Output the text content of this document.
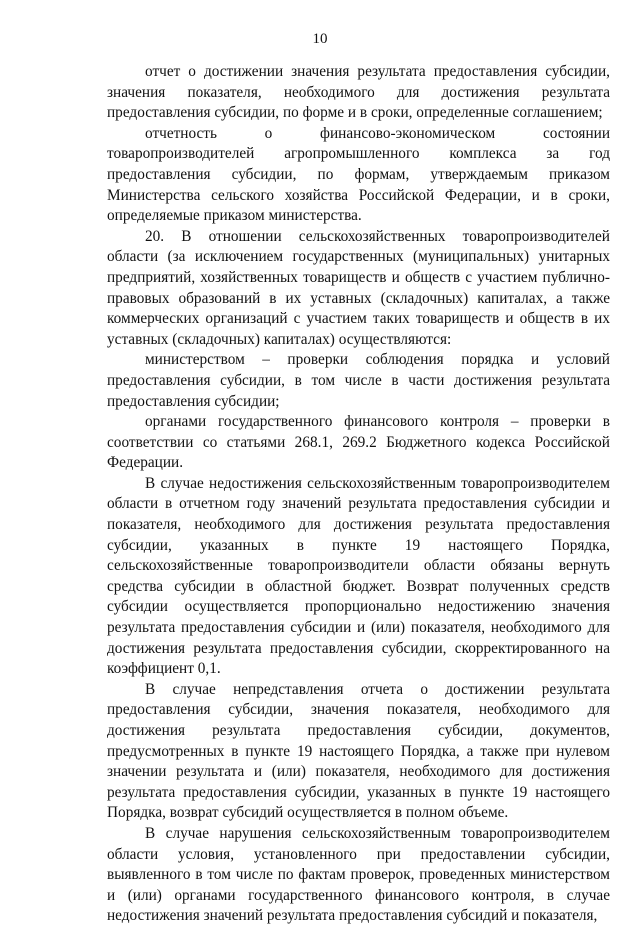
10

отчет о достижении значения результата предоставления субсидии, значения показателя, необходимого для достижения результата предоставления субсидии, по форме и в сроки, определенные соглашением;

отчетность о финансово-экономическом состоянии товаропроизводителей агропромышленного комплекса за год предоставления субсидии, по формам, утверждаемым приказом Министерства сельского хозяйства Российской Федерации, и в сроки, определяемые приказом министерства.

20. В отношении сельскохозяйственных товаропроизводителей области (за исключением государственных (муниципальных) унитарных предприятий, хозяйственных товариществ и обществ с участием публично-правовых образований в их уставных (складочных) капиталах, а также коммерческих организаций с участием таких товариществ и обществ в их уставных (складочных) капиталах) осуществляются:

министерством – проверки соблюдения порядка и условий предоставления субсидии, в том числе в части достижения результата предоставления субсидии;

органами государственного финансового контроля – проверки в соответствии со статьями 268.1, 269.2 Бюджетного кодекса Российской Федерации.

В случае недостижения сельскохозяйственным товаропроизводителем области в отчетном году значений результата предоставления субсидии и показателя, необходимого для достижения результата предоставления субсидии, указанных в пункте 19 настоящего Порядка, сельскохозяйственные товаропроизводители области обязаны вернуть средства субсидии в областной бюджет. Возврат полученных средств субсидии осуществляется пропорционально недостижению значения результата предоставления субсидии и (или) показателя, необходимого для достижения результата предоставления субсидии, скорректированного на коэффициент 0,1.

В случае непредставления отчета о достижении результата предоставления субсидии, значения показателя, необходимого для достижения результата предоставления субсидии, документов, предусмотренных в пункте 19 настоящего Порядка, а также при нулевом значении результата и (или) показателя, необходимого для достижения результата предоставления субсидии, указанных в пункте 19 настоящего Порядка, возврат субсидий осуществляется в полном объеме.

В случае нарушения сельскохозяйственным товаропроизводителем области условия, установленного при предоставлении субсидии, выявленного в том числе по фактам проверок, проведенных министерством и (или) органами государственного финансового контроля, в случае недостижения значений результата предоставления субсидий и показателя,
